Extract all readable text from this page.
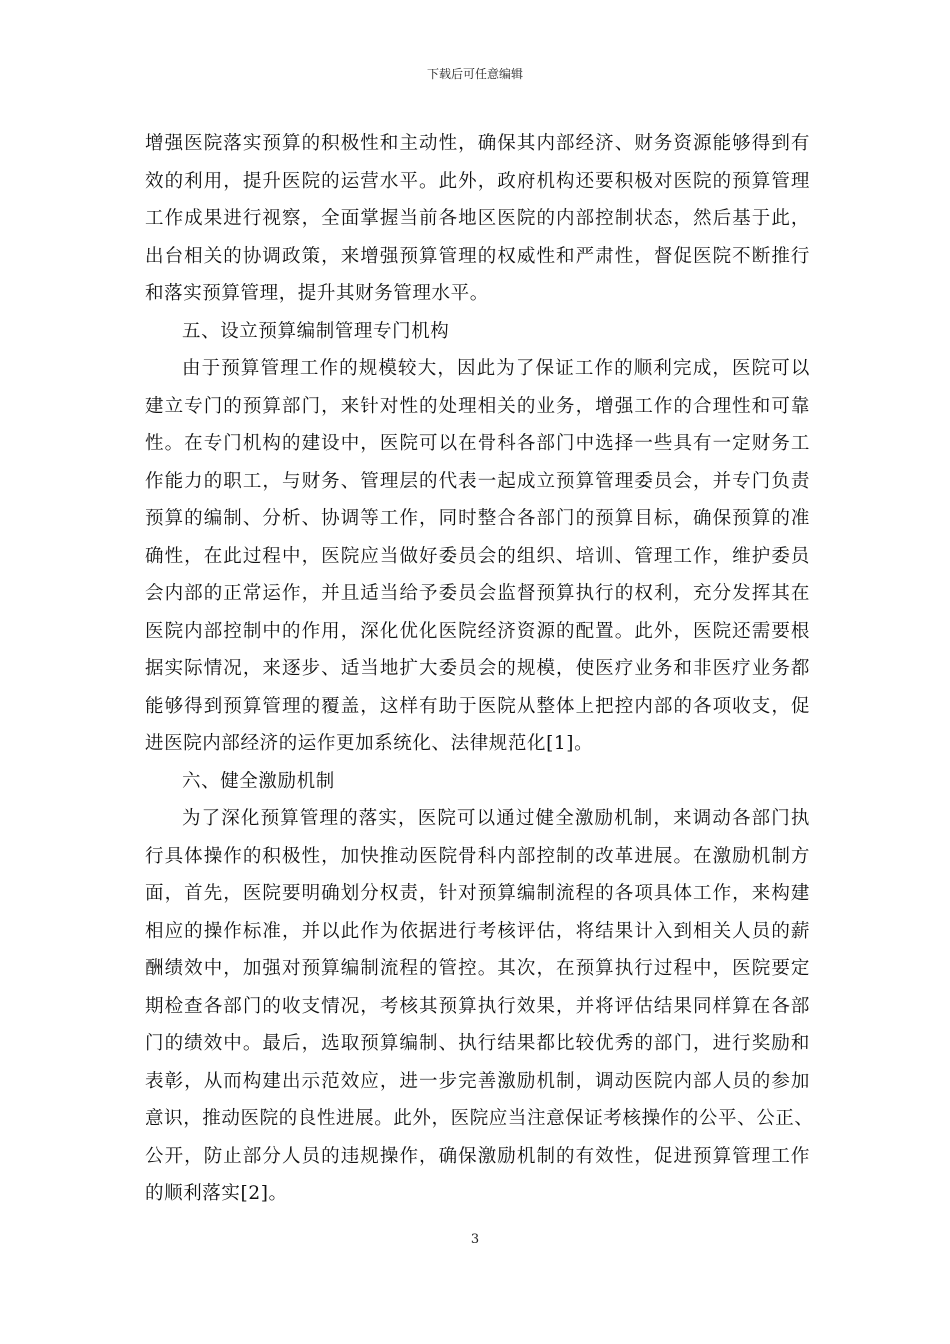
下载后可任意编辑
增强医院落实预算的积极性和主动性，确保其内部经济、财务资源能够得到有
效的利用，提升医院的运营水平。此外，政府机构还要积极对医院的预算管理
工作成果进行视察，全面掌握当前各地区医院的内部控制状态，然后基于此，
出台相关的协调政策，来增强预算管理的权威性和严肃性，督促医院不断推行
和落实预算管理，提升其财务管理水平。
五、设立预算编制管理专门机构
由于预算管理工作的规模较大，因此为了保证工作的顺利完成，医院可以
建立专门的预算部门，来针对性的处理相关的业务，增强工作的合理性和可靠
性。在专门机构的建设中，医院可以在骨科各部门中选择一些具有一定财务工
作能力的职工，与财务、管理层的代表一起成立预算管理委员会，并专门负责
预算的编制、分析、协调等工作，同时整合各部门的预算目标，确保预算的准
确性，在此过程中，医院应当做好委员会的组织、培训、管理工作，维护委员
会内部的正常运作，并且适当给予委员会监督预算执行的权利，充分发挥其在
医院内部控制中的作用，深化优化医院经济资源的配置。此外，医院还需要根
据实际情况，来逐步、适当地扩大委员会的规模，使医疗业务和非医疗业务都
能够得到预算管理的覆盖，这样有助于医院从整体上把控内部的各项收支，促
进医院内部经济的运作更加系统化、法律规范化[1]。
六、健全激励机制
为了深化预算管理的落实，医院可以通过健全激励机制，来调动各部门执
行具体操作的积极性，加快推动医院骨科内部控制的改革进展。在激励机制方
面，首先，医院要明确划分权责，针对预算编制流程的各项具体工作，来构建
相应的操作标准，并以此作为依据进行考核评估，将结果计入到相关人员的薪
酬绩效中，加强对预算编制流程的管控。其次，在预算执行过程中，医院要定
期检查各部门的收支情况，考核其预算执行效果，并将评估结果同样算在各部
门的绩效中。最后，选取预算编制、执行结果都比较优秀的部门，进行奖励和
表彰，从而构建出示范效应，进一步完善激励机制，调动医院内部人员的参加
意识，推动医院的良性进展。此外，医院应当注意保证考核操作的公平、公正、
公开，防止部分人员的违规操作，确保激励机制的有效性，促进预算管理工作
的顺利落实[2]。
3
